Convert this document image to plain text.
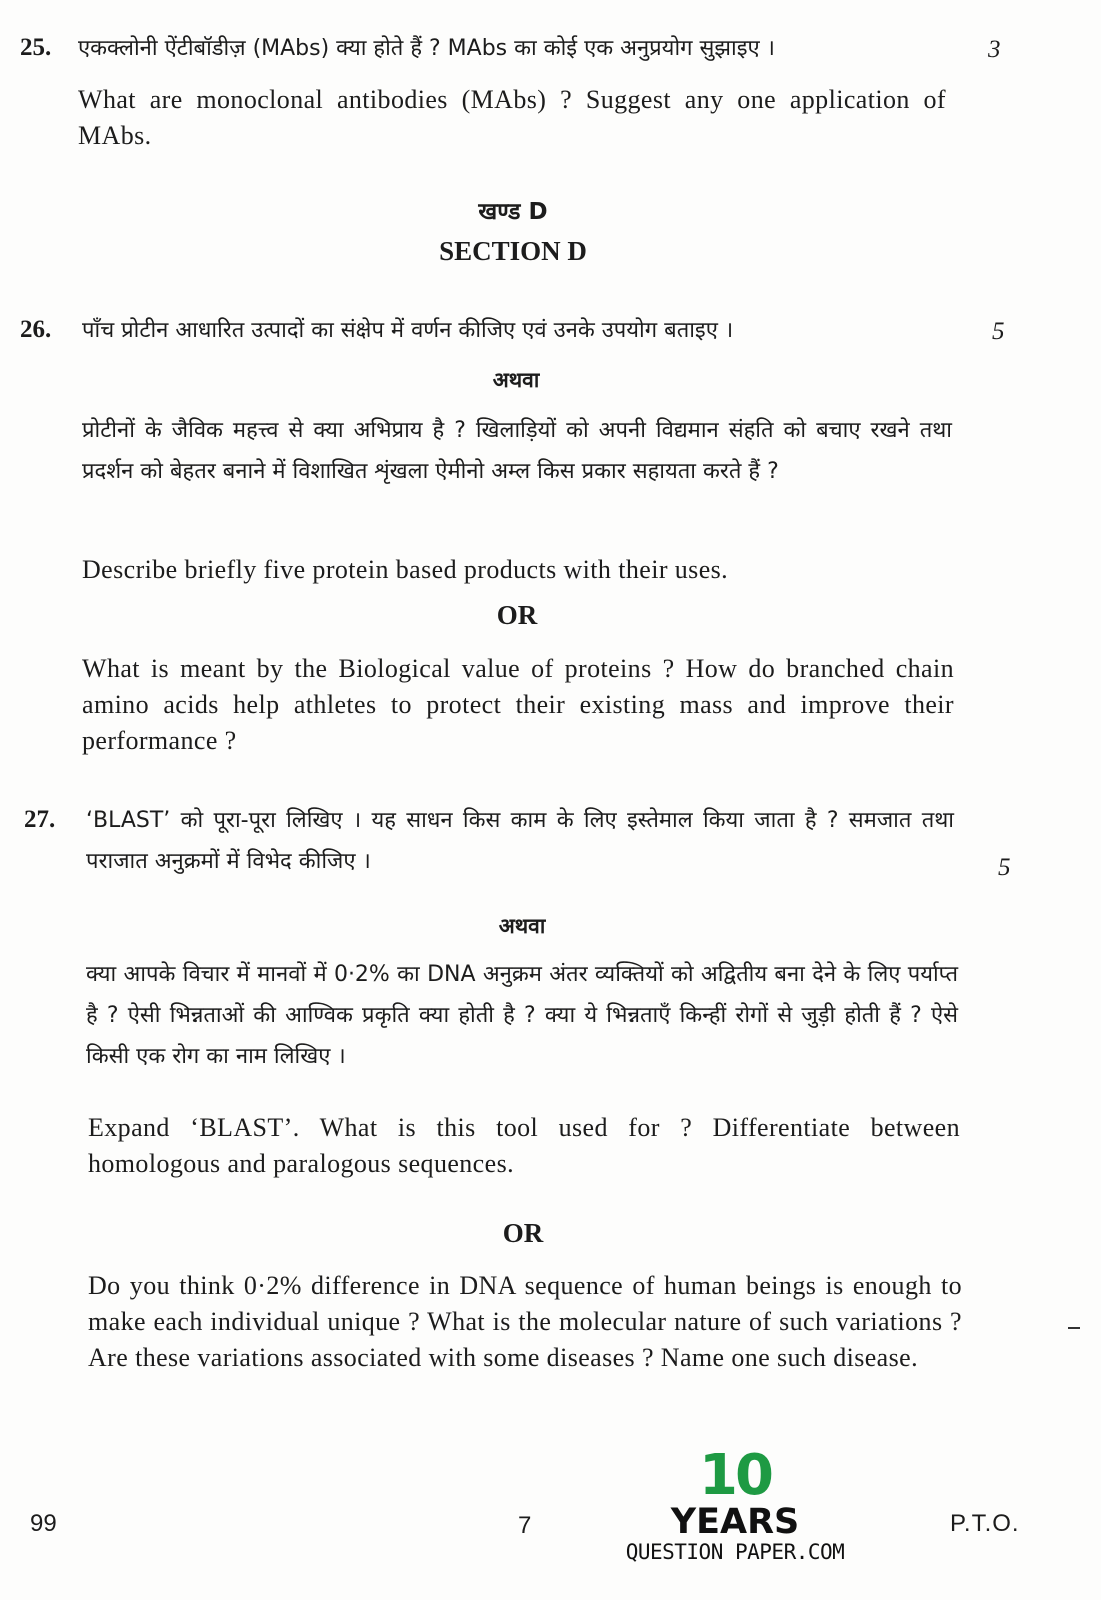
25. एकक्लोनी ऐंटीबॉडीज़ (MAbs) क्या होते हैं ? MAbs का कोई एक अनुप्रयोग सुझाइए ।	3
What are monoclonal antibodies (MAbs) ? Suggest any one application of MAbs.
खण्ड D
SECTION D
26. पाँच प्रोटीन आधारित उत्पादों का संक्षेप में वर्णन कीजिए एवं उनके उपयोग बताइए ।	5
अथवा
प्रोटीनों के जैविक महत्त्व से क्या अभिप्राय है ? खिलाड़ियों को अपनी विद्यमान संहति को बचाए रखने तथा प्रदर्शन को बेहतर बनाने में विशाखित शृंखला ऐमीनो अम्ल किस प्रकार सहायता करते हैं ?
Describe briefly five protein based products with their uses.
OR
What is meant by the Biological value of proteins ? How do branched chain amino acids help athletes to protect their existing mass and improve their performance ?
27. ‘BLAST’ को पूरा-पूरा लिखिए । यह साधन किस काम के लिए इस्तेमाल किया जाता है ? समजात तथा पराजात अनुक्रमों में विभेद कीजिए ।	5
अथवा
क्या आपके विचार में मानवों में 0·2% का DNA अनुक्रम अंतर व्यक्तियों को अद्वितीय बना देने के लिए पर्याप्त है ? ऐसी भिन्नताओं की आण्विक प्रकृति क्या होती है ? क्या ये भिन्नताएँ किन्हीं रोगों से जुड़ी होती हैं ? ऐसे किसी एक रोग का नाम लिखिए ।
Expand ‘BLAST’. What is this tool used for ? Differentiate between homologous and paralogous sequences.
OR
Do you think 0·2% difference in DNA sequence of human beings is enough to make each individual unique ? What is the molecular nature of such variations ? Are these variations associated with some diseases ? Name one such disease.
99	7	P.T.O.
10
YEARS
QUESTION PAPER.COM
